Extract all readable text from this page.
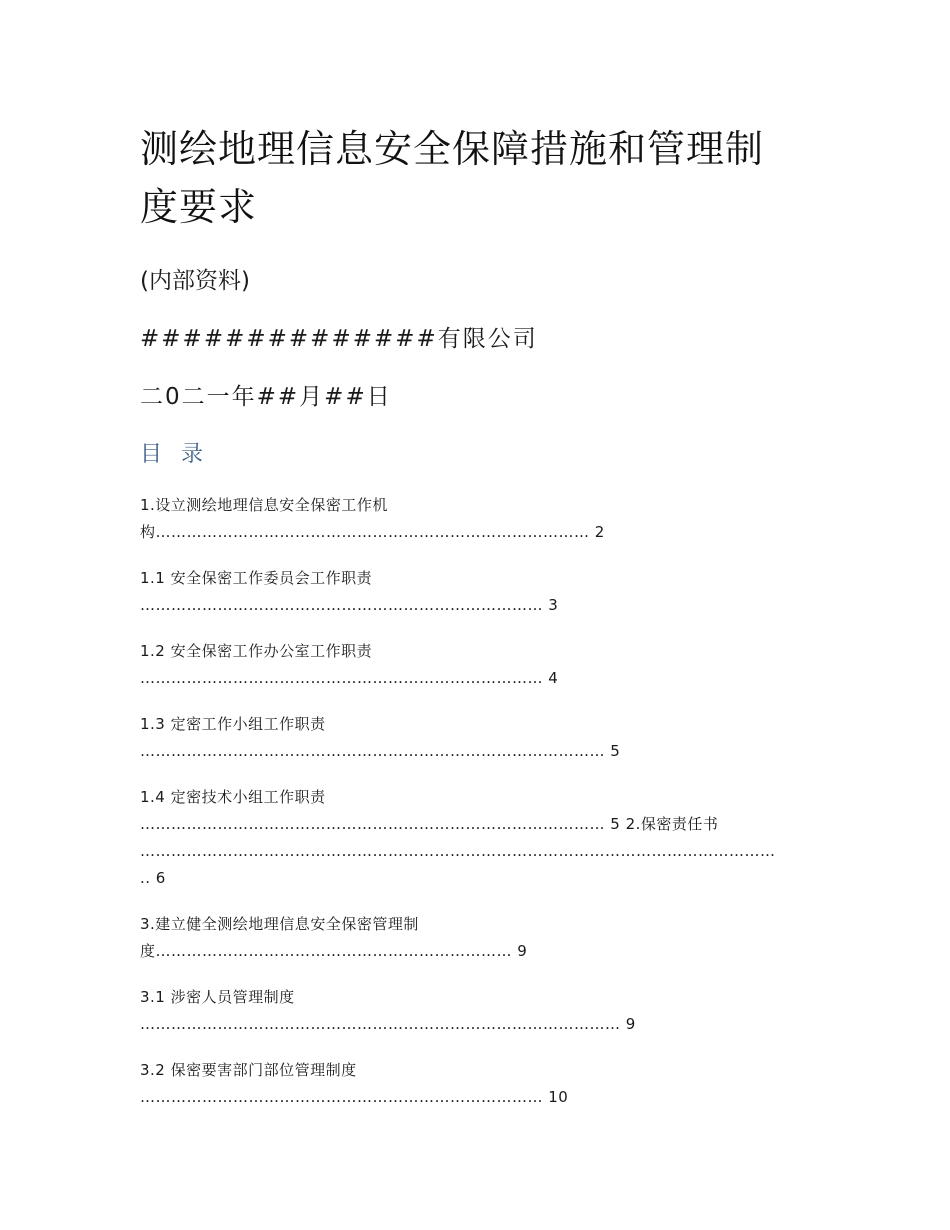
测绘地理信息安全保障措施和管理制
度要求
(内部资料)
##############有限公司
二0二一年##月##日
目 录
1.设立测绘地理信息安全保密工作机
构………………………………………………………………………… 2
1.1 安全保密工作委员会工作职责
…………………………………………………………………… 3
1.2 安全保密工作办公室工作职责
…………………………………………………………………… 4
1.3 定密工作小组工作职责
……………………………………………………………………………… 5
1.4 定密技术小组工作职责
……………………………………………………………………………… 5 2.保密责任书
……………………………………………………………………………………………………………
.. 6
3.建立健全测绘地理信息安全保密管理制
度…………………………………………………………… 9
3.1 涉密人员管理制度
………………………………………………………………………………… 9
3.2 保密要害部门部位管理制度
…………………………………………………………………… 10
